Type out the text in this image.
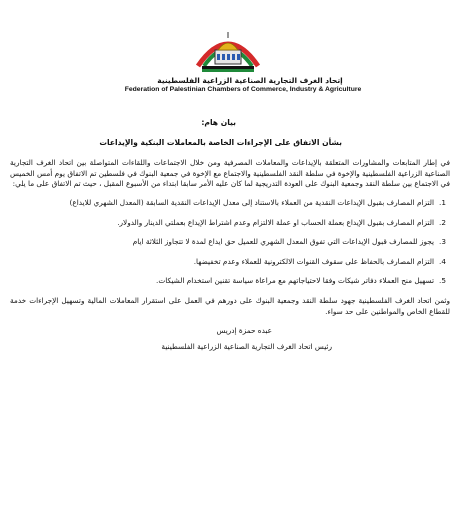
إتحاد الغرف التجارية الصناعية الزراعية الفلسطينية
Federation of Palestinian Chambers of Commerce, Industry & Agriculture

بيان هام:

بشأن الاتفاق على الإجراءات الخاصة بالمعاملات البنكية والإيداعات

في إطار المتابعات والمشاورات المتعلقة بالإيداعات والمعاملات المصرفية ومن خلال الاجتماعات واللقاءات المتواصلة بين اتحاد الغرف التجارية الصناعية الزراعية الفلسطينية والإخوة في سلطة النقد الفلسطينية والاجتماع مع الإخوة في جمعية البنوك في فلسطين تم الاتفاق يوم أمس الخميس في الاجتماع بين سلطة النقد وجمعية البنوك على العودة التدريجية لما كان عليه الأمر سابقا ابتداء من الأسبوع المقبل ، حيث تم الاتفاق على ما يلي:

1.
التزام المصارف بقبول الإيداعات النقدية من العملاء بالاستناد إلى معدل الإيداعات النقدية السابقة (المعدل الشهري للايداع)
2.
التزام المصارف بقبول الإيداع بعملة الحساب او عملة الالتزام وعدم اشتراط الإيداع بعملتي الدينار والدولار.
3.
يجوز للمصارف قبول الإيداعات التي تفوق المعدل الشهري للعميل حق ايداع لمدة لا تتجاوز الثلاثة ايام
4.
التزام المصارف بالحفاظ على سقوف القنوات الالكترونية للعملاء وعدم تخفيضها.
5.
تسهيل منح العملاء دفاتر شيكات وفقا لاحتياجاتهم مع مراعاة سياسة تقنين استخدام الشيكات.

وثمن اتحاد الغرف الفلسطينية جهود سلطة النقد وجمعية البنوك على دورهم في العمل على استقرار المعاملات المالية وتسهيل الإجراءات خدمة للقطاع الخاص والمواطنين على حد سواء.

عبده حمزة إدريس

رئيس اتحاد الغرف التجارية الصناعية الزراعية الفلسطينية
